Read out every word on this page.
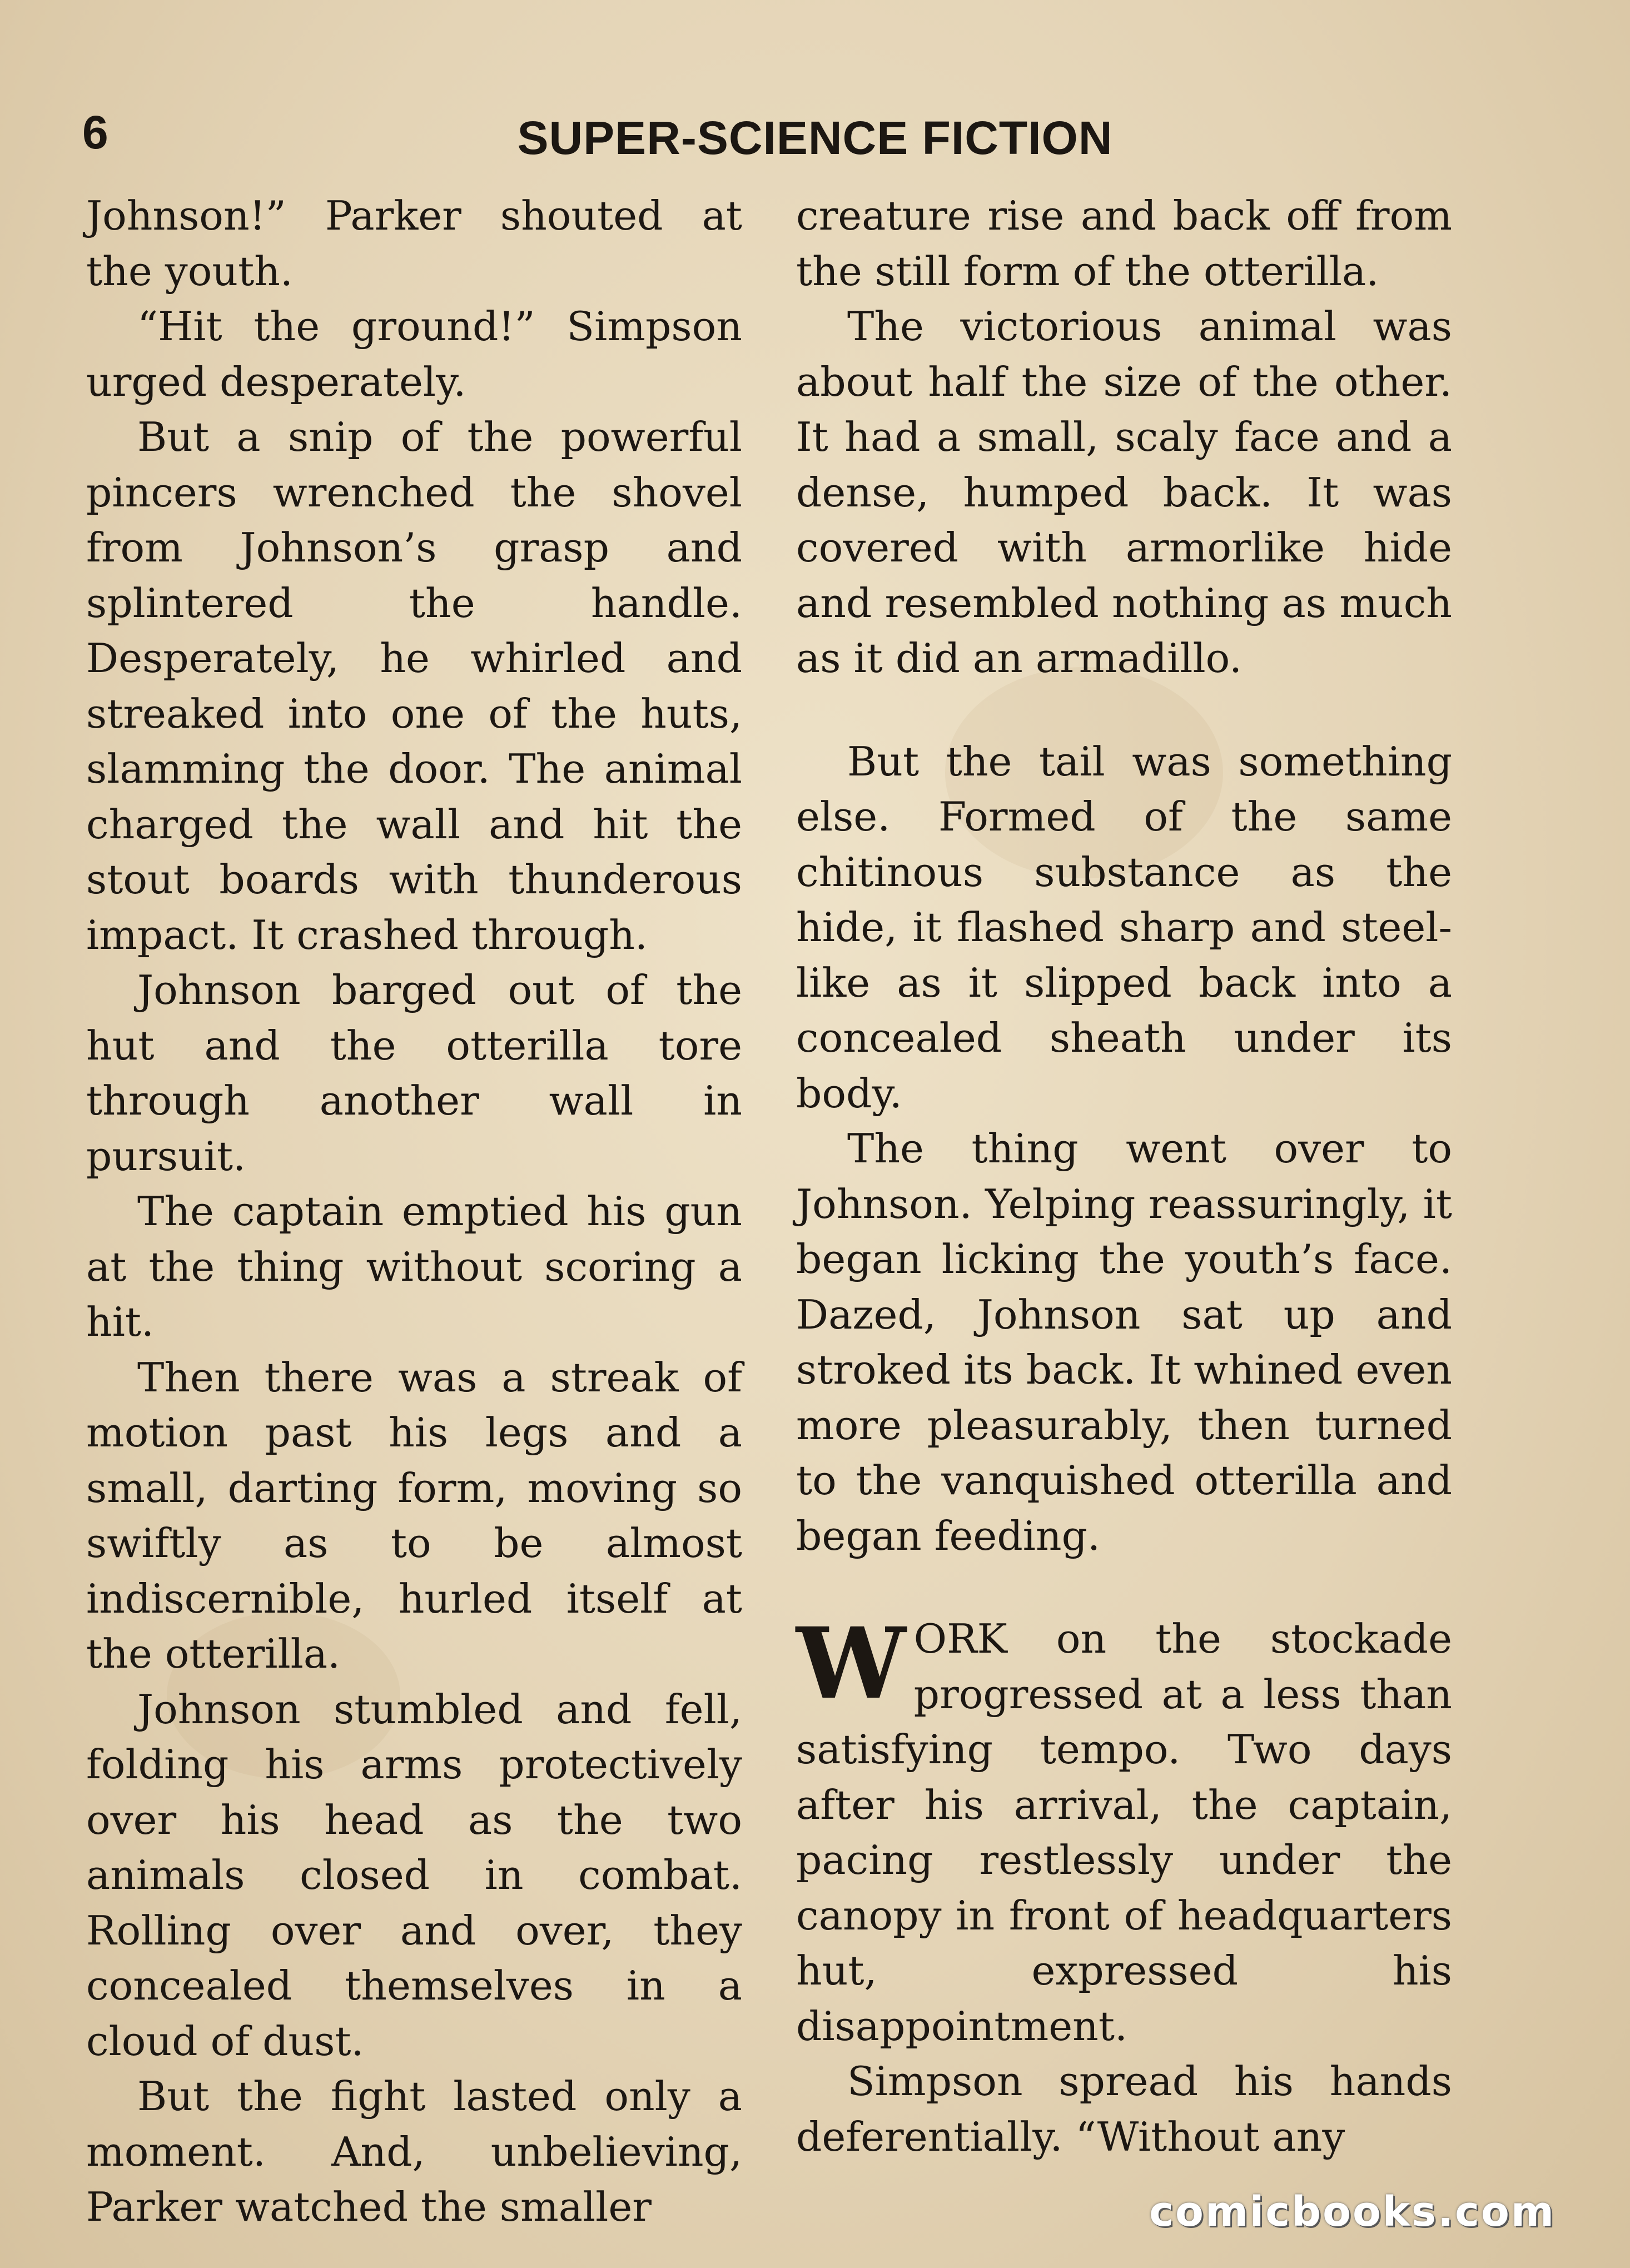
6	SUPER-SCIENCE FICTION

Johnson!” Parker shouted at the youth.

“Hit the ground!” Simpson urged desperately.

But a snip of the powerful pincers wrenched the shovel from Johnson’s grasp and splintered the handle. Desperately, he whirled and streaked into one of the huts, slamming the door. The animal charged the wall and hit the stout boards with thunderous impact. It crashed through.

Johnson barged out of the hut and the otterilla tore through another wall in pursuit.

The captain emptied his gun at the thing without scoring a hit.

Then there was a streak of motion past his legs and a small, darting form, moving so swiftly as to be almost indiscernible, hurled itself at the otterilla.

Johnson stumbled and fell, folding his arms protectively over his head as the two animals closed in combat. Rolling over and over, they concealed themselves in a cloud of dust.

But the fight lasted only a moment. And, unbelieving, Parker watched the smaller

creature rise and back off from the still form of the otterilla.

The victorious animal was about half the size of the other. It had a small, scaly face and a dense, humped back. It was covered with armorlike hide and resembled nothing as much as it did an armadillo.

But the tail was something else. Formed of the same chitinous substance as the hide, it flashed sharp and steel-like as it slipped back into a concealed sheath under its body.

The thing went over to Johnson. Yelping reassuringly, it began licking the youth’s face. Dazed, Johnson sat up and stroked its back. It whined even more pleasurably, then turned to the vanquished otterilla and began feeding.

WORK on the stockade progressed at a less than satisfying tempo. Two days after his arrival, the captain, pacing restlessly under the canopy in front of headquarters hut, expressed his disappointment.

Simpson spread his hands deferentially. “Without any

comicbooks.com
